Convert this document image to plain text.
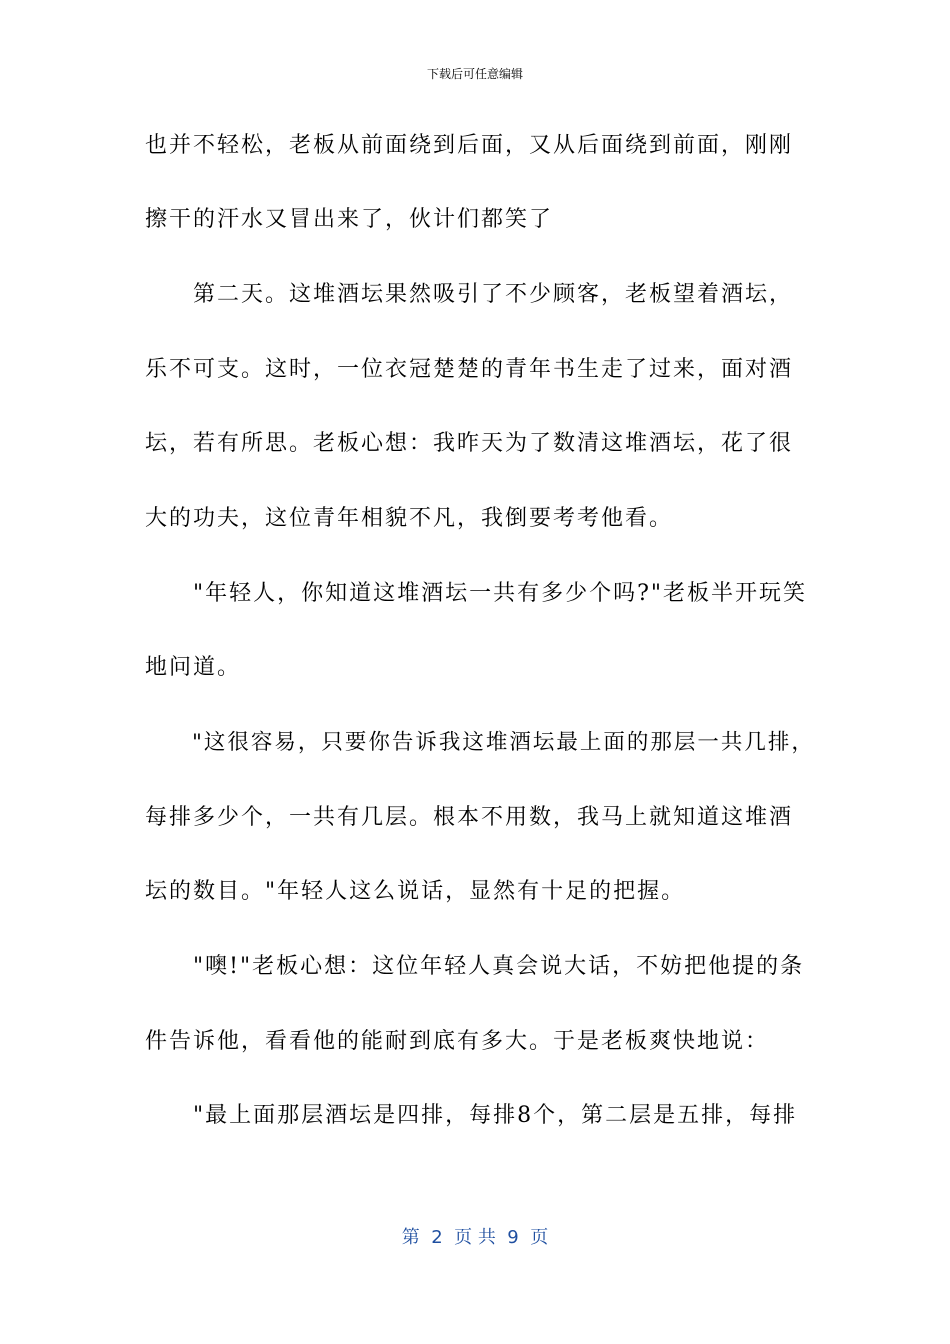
下载后可任意编辑
也并不轻松，老板从前面绕到后面，又从后面绕到前面，刚刚
擦干的汗水又冒出来了，伙计们都笑了
　　第二天。这堆酒坛果然吸引了不少顾客，老板望着酒坛，
乐不可支。这时，一位衣冠楚楚的青年书生走了过来，面对酒
坛，若有所思。老板心想：我昨天为了数清这堆酒坛，花了很
大的功夫，这位青年相貌不凡，我倒要考考他看。
　　"年轻人，你知道这堆酒坛一共有多少个吗?"老板半开玩笑
地问道。
　　"这很容易，只要你告诉我这堆酒坛最上面的那层一共几排，
每排多少个，一共有几层。根本不用数，我马上就知道这堆酒
坛的数目。"年轻人这么说话，显然有十足的把握。
　　"噢!"老板心想：这位年轻人真会说大话，不妨把他提的条
件告诉他，看看他的能耐到底有多大。于是老板爽快地说：
　　"最上面那层酒坛是四排，每排8个，第二层是五排，每排
第  2  页 共  9  页
